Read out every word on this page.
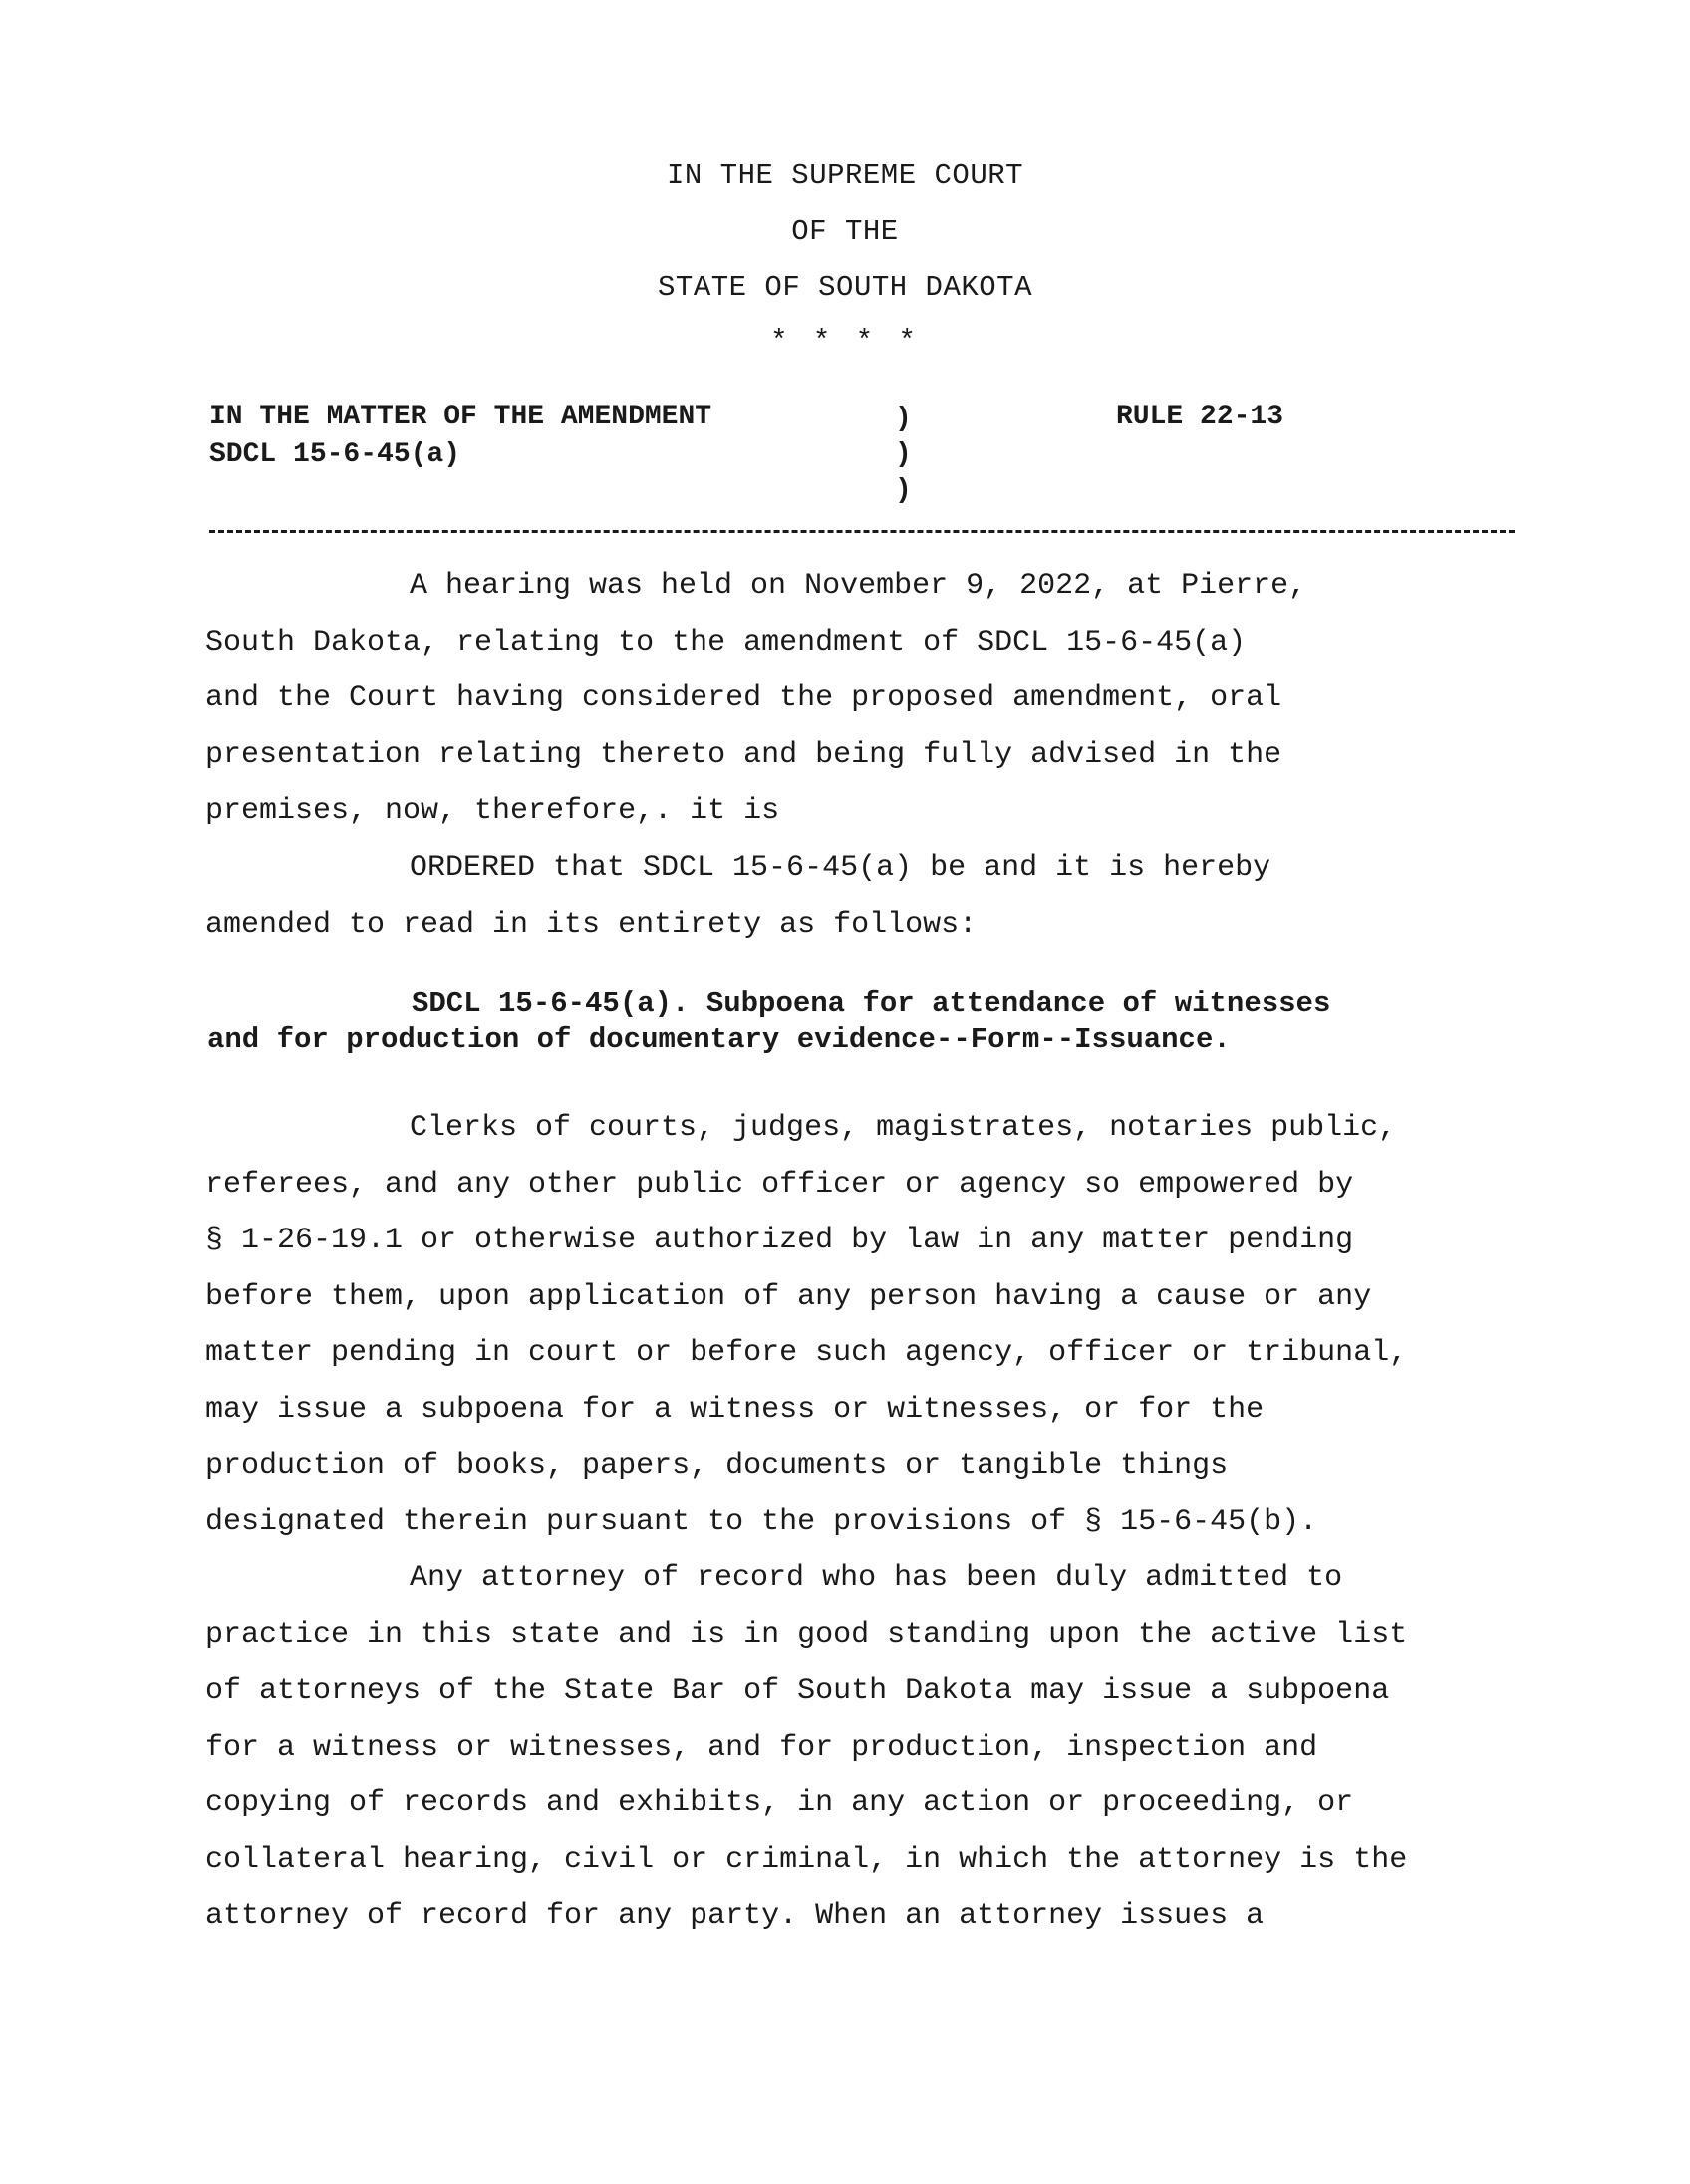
IN THE SUPREME COURT
OF THE
STATE OF SOUTH DAKOTA
* * * *
IN THE MATTER OF THE AMENDMENT
SDCL 15-6-45(a)
)
)
)
RULE 22-13
A hearing was held on November 9, 2022, at Pierre,
South Dakota, relating to the amendment of SDCL 15-6-45(a)
and the Court having considered the proposed amendment, oral
presentation relating thereto and being fully advised in the
premises, now, therefore,. it is
ORDERED that SDCL 15-6-45(a) be and it is hereby
amended to read in its entirety as follows:
SDCL 15-6-45(a). Subpoena for attendance of witnesses
and for production of documentary evidence--Form--Issuance.
Clerks of courts, judges, magistrates, notaries public,
referees, and any other public officer or agency so empowered by
§ 1-26-19.1 or otherwise authorized by law in any matter pending
before them, upon application of any person having a cause or any
matter pending in court or before such agency, officer or tribunal,
may issue a subpoena for a witness or witnesses, or for the
production of books, papers, documents or tangible things
designated therein pursuant to the provisions of § 15-6-45(b).
Any attorney of record who has been duly admitted to
practice in this state and is in good standing upon the active list
of attorneys of the State Bar of South Dakota may issue a subpoena
for a witness or witnesses, and for production, inspection and
copying of records and exhibits, in any action or proceeding, or
collateral hearing, civil or criminal, in which the attorney is the
attorney of record for any party. When an attorney issues a
